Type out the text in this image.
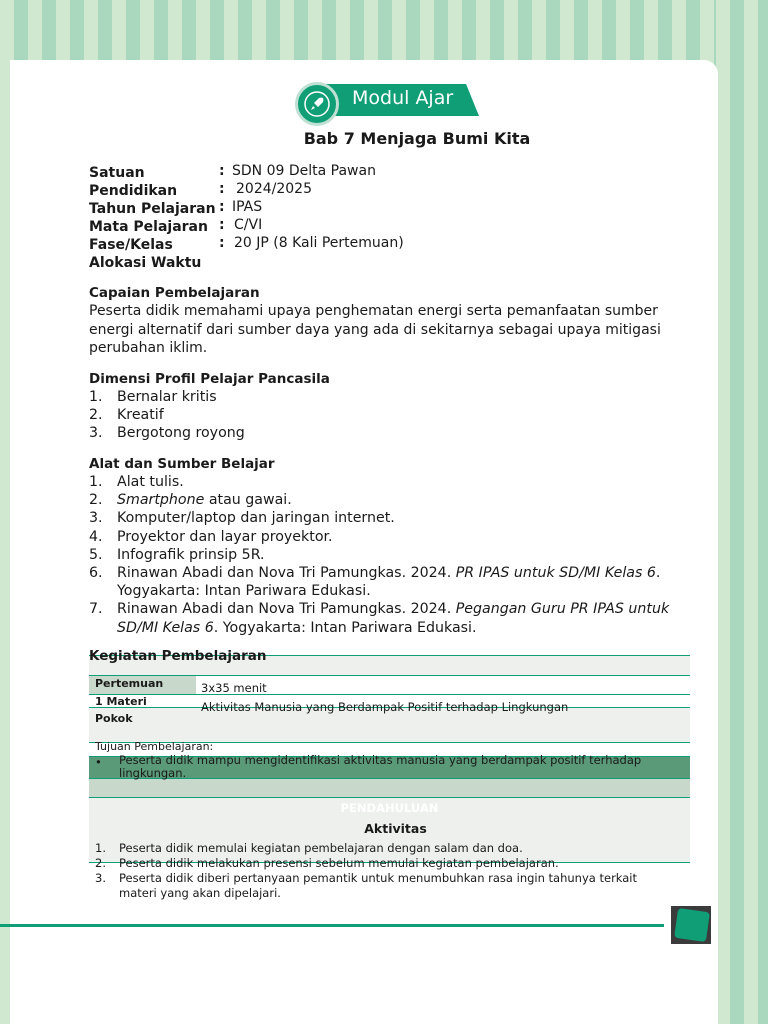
Modul Ajar
Bab 7 Menjaga Bumi Kita
Satuan
Pendidikan
Tahun Pelajaran
Mata Pelajaran
Fase/Kelas
Alokasi Waktu
:
:
:
:
:
SDN 09 Delta Pawan
2024/2025
IPAS
C/VI
20 JP (8 Kali Pertemuan)
Capaian Pembelajaran
Peserta didik memahami upaya penghematan energi serta pemanfaatan sumber energi alternatif dari sumber daya yang ada di sekitarnya sebagai upaya mitigasi perubahan iklim.
Dimensi Profil Pelajar Pancasila
1. Bernalar kritis
2. Kreatif
3. Bergotong royong
Alat dan Sumber Belajar
1. Alat tulis.
2. Smartphone atau gawai.
3. Komputer/laptop dan jaringan internet.
4. Proyektor dan layar proyektor.
5. Infografik prinsip 5R.
6. Rinawan Abadi dan Nova Tri Pamungkas. 2024. PR IPAS untuk SD/MI Kelas 6. Yogyakarta: Intan Pariwara Edukasi.
7. Rinawan Abadi dan Nova Tri Pamungkas. 2024. Pegangan Guru PR IPAS untuk SD/MI Kelas 6. Yogyakarta: Intan Pariwara Edukasi.
Kegiatan Pembelajaran
Pertemuan	3x35 menit
1 Materi
Pokok
Aktivitas Manusia yang Berdampak Positif terhadap Lingkungan
Tujuan Pembelajaran:
• Peserta didik mampu mengidentifikasi aktivitas manusia yang berdampak positif terhadap lingkungan.
PENDAHULUAN
Aktivitas
1. Peserta didik memulai kegiatan pembelajaran dengan salam dan doa.
2. Peserta didik melakukan presensi sebelum memulai kegiatan pembelajaran.
3. Peserta didik diberi pertanyaan pemantik untuk menumbuhkan rasa ingin tahunya terkait materi yang akan dipelajari.
